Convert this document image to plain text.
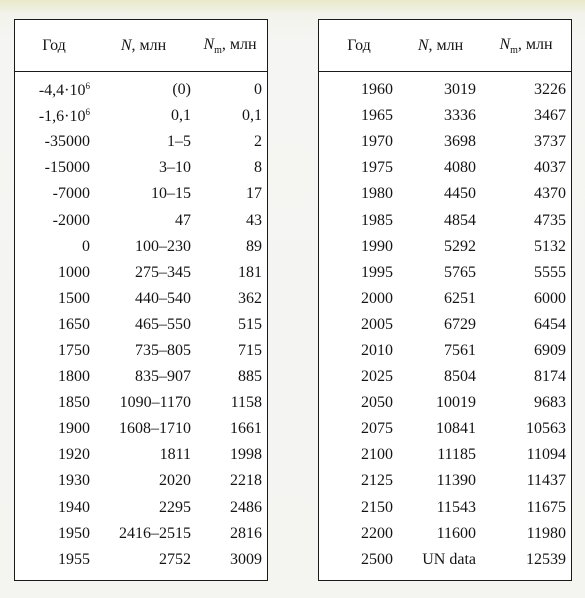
Год	N, млн	$N_m$, млн
$-4,4\cdot 10^6$	(0)	0
$-1,6\cdot 10^6$	0,1	0,1
-35000	1–5	2
-15000	3–10	8
-7000	10–15	17
-2000	47	43
0	100–230	89
1000	275–345	181
1500	440–540	362
1650	465–550	515
1750	735–805	715
1800	835–907	885
1850	1090–1170	1158
1900	1608–1710	1661
1920	1811	1998
1930	2020	2218
1940	2295	2486
1950	2416–2515	2816
1955	2752	3009
Год	N, млн	$N_m$, млн
1960	3019	3226
1965	3336	3467
1970	3698	3737
1975	4080	4037
1980	4450	4370
1985	4854	4735
1990	5292	5132
1995	5765	5555
2000	6251	6000
2005	6729	6454
2010	7561	6909
2025	8504	8174
2050	10019	9683
2075	10841	10563
2100	11185	11094
2125	11390	11437
2150	11543	11675
2200	11600	11980
2500	UN data	12539
